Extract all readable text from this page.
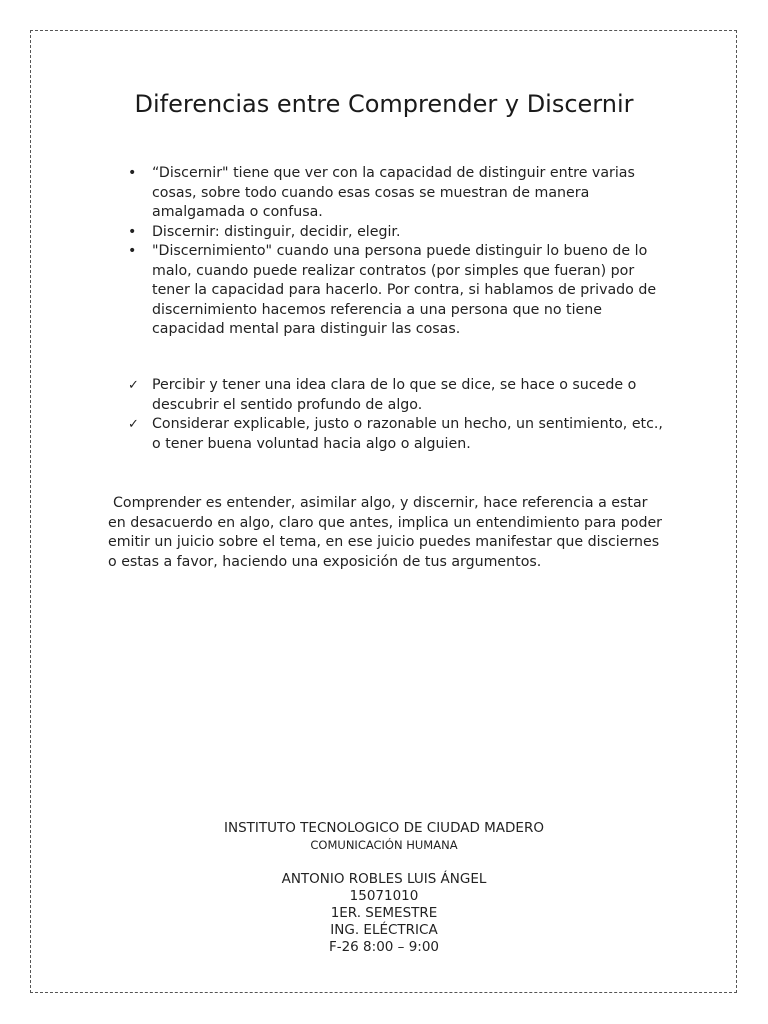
Diferencias entre Comprender y Discernir
•	“Discernir" tiene que ver con la capacidad de distinguir entre varias cosas, sobre todo cuando esas cosas se muestran de manera amalgamada o confusa.
•	Discernir: distinguir, decidir, elegir.
•	"Discernimiento" cuando una persona puede distinguir lo bueno de lo malo, cuando puede realizar contratos (por simples que fueran) por tener la capacidad para hacerlo. Por contra, si hablamos de privado de discernimiento hacemos referencia a una persona que no tiene capacidad mental para distinguir las cosas.
✓ Percibir y tener una idea clara de lo que se dice, se hace o sucede o descubrir el sentido profundo de algo.
✓ Considerar explicable, justo o razonable un hecho, un sentimiento, etc., o tener buena voluntad hacia algo o alguien.

Comprender es entender, asimilar algo, y discernir, hace referencia a estar en desacuerdo en algo, claro que antes, implica un entendimiento para poder emitir un juicio sobre el tema, en ese juicio puedes manifestar que disciernes o estas a favor, haciendo una exposición de tus argumentos.

INSTITUTO TECNOLOGICO DE CIUDAD MADERO
COMUNICACIÓN HUMANA
ANTONIO ROBLES LUIS ÁNGEL
15071010
1ER. SEMESTRE
ING. ELÉCTRICA
F-26 8:00 – 9:00
